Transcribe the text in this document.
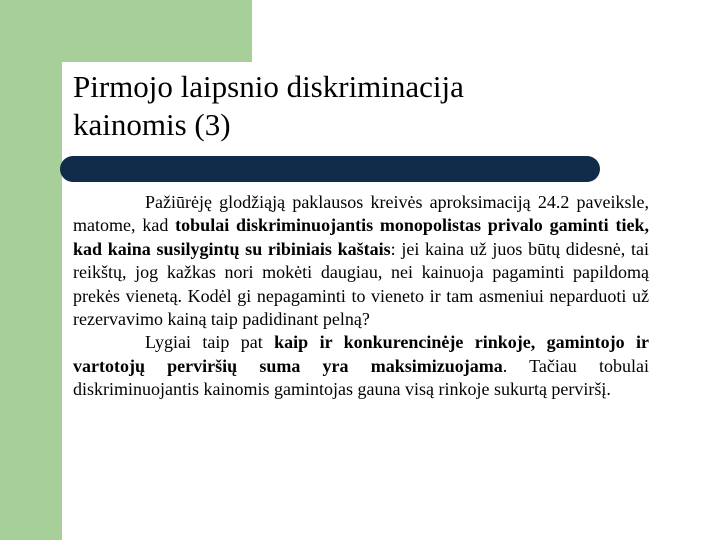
Pirmojo laipsnio diskriminacija
kainomis (3)

Pažiūrėję glodžiąją paklausos kreivės aproksimaciją 24.2 paveiksle, matome, kad tobulai diskriminuojantis monopolistas privalo gaminti tiek, kad kaina susilygintų su ribiniais kaštais: jei kaina už juos būtų didesnė, tai reikštų, jog kažkas nori mokėti daugiau, nei kainuoja pagaminti papildomą prekės vienetą. Kodėl gi nepagaminti to vieneto ir tam asmeniui neparduoti už rezervavimo kainą taip padidinant pelną?

Lygiai taip pat kaip ir konkurencinėje rinkoje, gamintojo ir vartotojų perviršių suma yra maksimizuojama. Tačiau tobulai diskriminuojantis kainomis gamintojas gauna visą rinkoje sukurtą perviršį.
